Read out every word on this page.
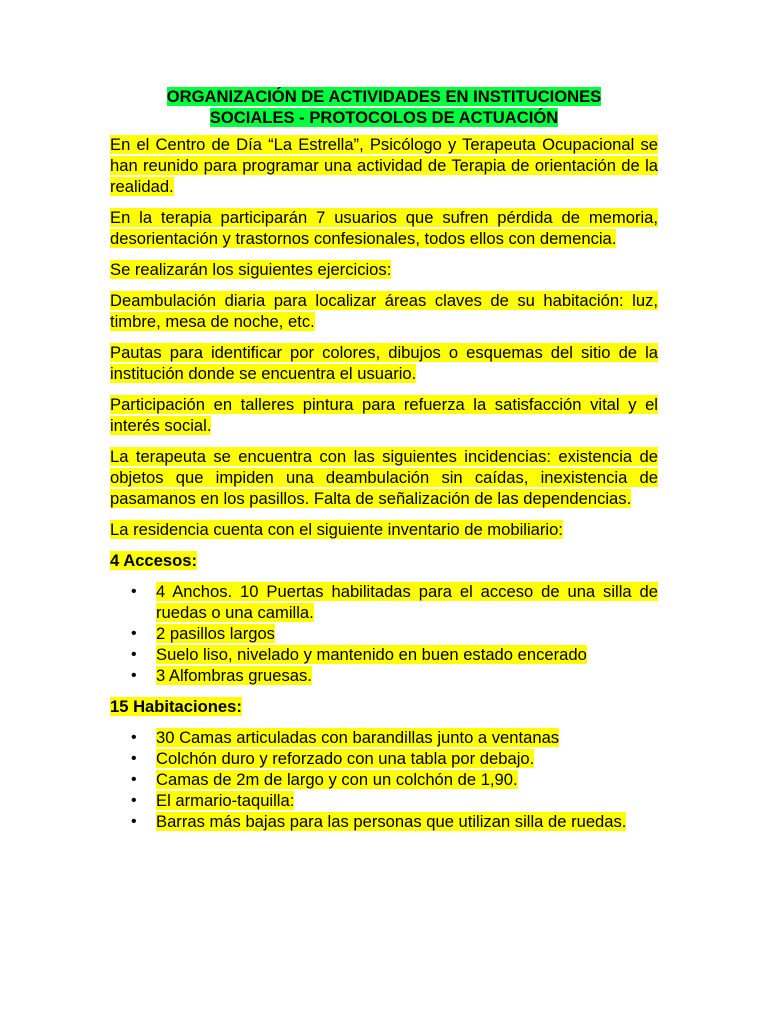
ORGANIZACIÓN DE ACTIVIDADES EN INSTITUCIONES
SOCIALES - PROTOCOLOS DE ACTUACIÓN

En el Centro de Día “La Estrella”, Psicólogo y Terapeuta Ocupacional se han reunido para programar una actividad de Terapia de orientación de la realidad.

En la terapia participarán 7 usuarios que sufren pérdida de memoria, desorientación y trastornos confesionales, todos ellos con demencia.

Se realizarán los siguientes ejercicios:

Deambulación diaria para localizar áreas claves de su habitación: luz, timbre, mesa de noche, etc.

Pautas para identificar por colores, dibujos o esquemas del sitio de la institución donde se encuentra el usuario.

Participación en talleres pintura para refuerza la satisfacción vital y el interés social.

La terapeuta se encuentra con las siguientes incidencias: existencia de objetos que impiden una deambulación sin caídas, inexistencia de pasamanos en los pasillos. Falta de señalización de las dependencias.

La residencia cuenta con el siguiente inventario de mobiliario:

4 Accesos:
• 4 Anchos. 10 Puertas habilitadas para el acceso de una silla de ruedas o una camilla.
• 2 pasillos largos
• Suelo liso, nivelado y mantenido en buen estado encerado
• 3 Alfombras gruesas.
15 Habitaciones:
• 30 Camas articuladas con barandillas junto a ventanas
• Colchón duro y reforzado con una tabla por debajo.
• Camas de 2m de largo y con un colchón de 1,90.
• El armario-taquilla:
• Barras más bajas para las personas que utilizan silla de ruedas.
